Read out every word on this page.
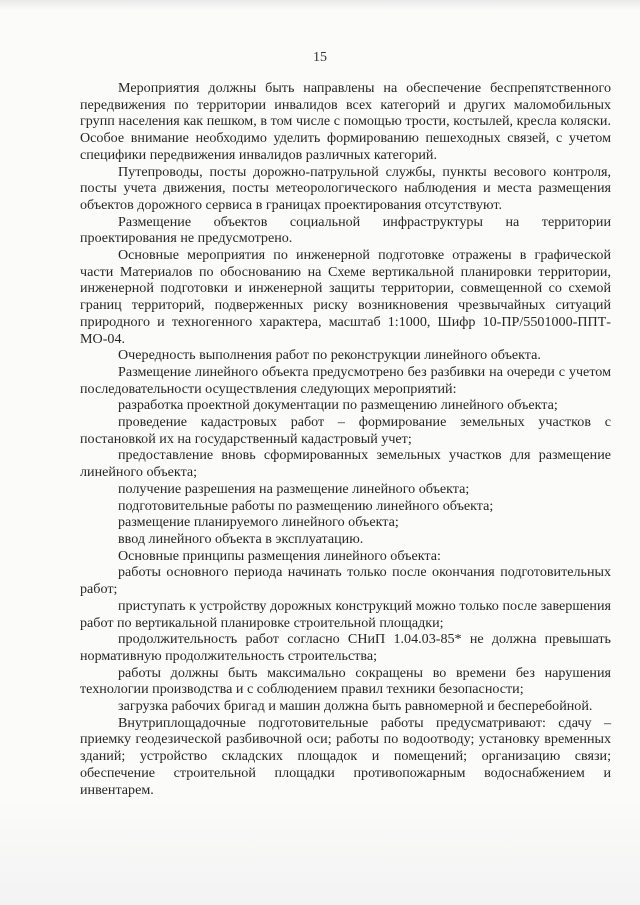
15

Мероприятия должны быть направлены на обеспечение беспрепятственного передвижения по территории инвалидов всех категорий и других маломобильных групп населения как пешком, в том числе с помощью трости, костылей, кресла коляски. Особое внимание необходимо уделить формированию пешеходных связей, с учетом специфики передвижения инвалидов различных категорий.

Путепроводы, посты дорожно-патрульной службы, пункты весового контроля, посты учета движения, посты метеорологического наблюдения и места размещения объектов дорожного сервиса в границах проектирования отсутствуют.

Размещение объектов социальной инфраструктуры на территории проектирования не предусмотрено.

Основные мероприятия по инженерной подготовке отражены в графической части Материалов по обоснованию на Схеме вертикальной планировки территории, инженерной подготовки и инженерной защиты территории, совмещенной со схемой границ территорий, подверженных риску возникновения чрезвычайных ситуаций природного и техногенного характера, масштаб 1:1000, Шифр 10-ПР/5501000-ППТ-МО-04.

Очередность выполнения работ по реконструкции линейного объекта.

Размещение линейного объекта предусмотрено без разбивки на очереди с учетом последовательности осуществления следующих мероприятий:

разработка проектной документации по размещению линейного объекта;

проведение кадастровых работ – формирование земельных участков с постановкой их на государственный кадастровый учет;

предоставление вновь сформированных земельных участков для размещение линейного объекта;

получение разрешения на размещение линейного объекта;

подготовительные работы по размещению линейного объекта;

размещение планируемого линейного объекта;

ввод линейного объекта в эксплуатацию.

Основные принципы размещения линейного объекта:

работы основного периода начинать только после окончания подготовительных работ;

приступать к устройству дорожных конструкций можно только после завершения работ по вертикальной планировке строительной площадки;

продолжительность работ согласно СНиП 1.04.03-85* не должна превышать нормативную продолжительность строительства;

работы должны быть максимально сокращены во времени без нарушения технологии производства и с соблюдением правил техники безопасности;

загрузка рабочих бригад и машин должна быть равномерной и бесперебойной.

Внутриплощадочные подготовительные работы предусматривают: сдачу – приемку геодезической разбивочной оси; работы по водоотводу; установку временных зданий; устройство складских площадок и помещений; организацию связи; обеспечение строительной площадки противопожарным водоснабжением и инвентарем.
